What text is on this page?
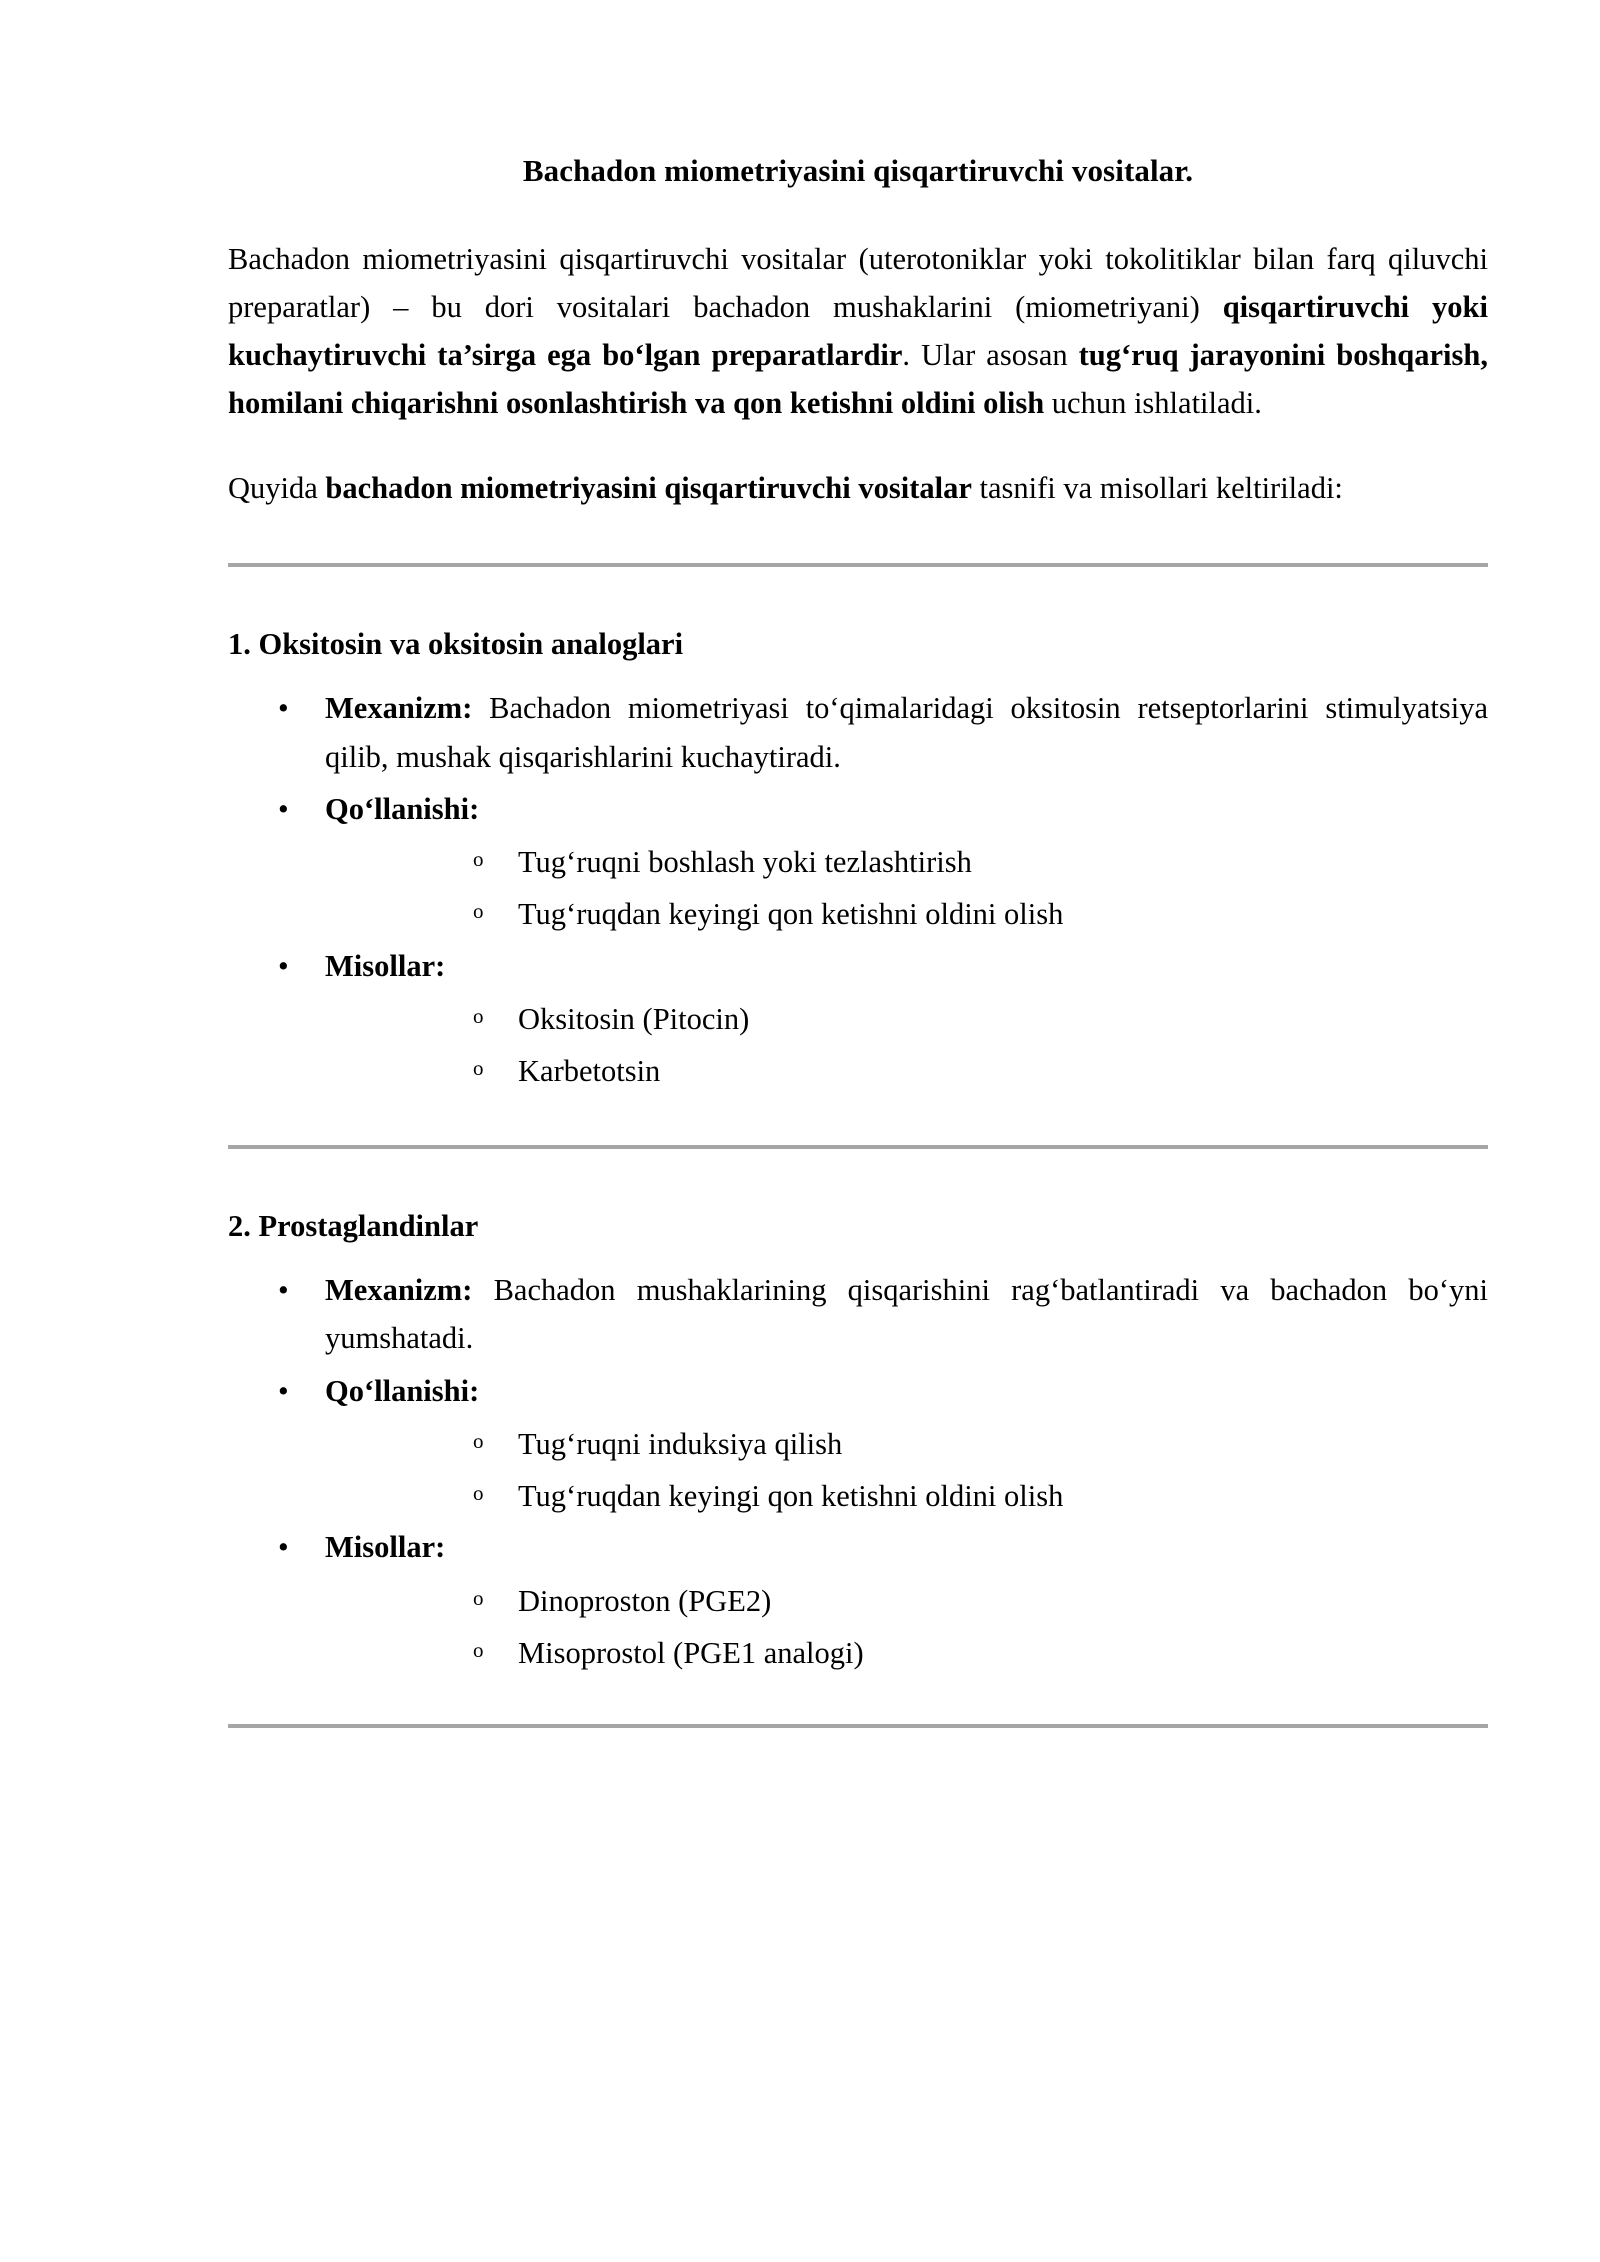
Bachadon miometriyasini qisqartiruvchi vositalar.

Bachadon miometriyasini qisqartiruvchi vositalar (uterotoniklar yoki tokolitiklar bilan farq qiluvchi preparatlar) – bu dori vositalari bachadon mushaklarini (miometriyani) qisqartiruvchi yoki kuchaytiruvchi ta’sirga ega bo‘lgan preparatlardir. Ular asosan tug‘ruq jarayonini boshqarish, homilani chiqarishni osonlashtirish va qon ketishni oldini olish uchun ishlatiladi.

Quyida bachadon miometriyasini qisqartiruvchi vositalar tasnifi va misollari keltiriladi:

1. Oksitosin va oksitosin analoglari
• Mexanizm: Bachadon miometriyasi to‘qimalaridagi oksitosin retseptorlarini stimulyatsiya qilib, mushak qisqarishlarini kuchaytiradi.
• Qo‘llanishi:
o Tug‘ruqni boshlash yoki tezlashtirish
o Tug‘ruqdan keyingi qon ketishni oldini olish
• Misollar:
o Oksitosin (Pitocin)
o Karbetotsin
2. Prostaglandinlar
• Mexanizm: Bachadon mushaklarining qisqarishini rag‘batlantiradi va bachadon bo‘yni yumshatadi.
• Qo‘llanishi:
o Tug‘ruqni induksiya qilish
o Tug‘ruqdan keyingi qon ketishni oldini olish
• Misollar:
o Dinoproston (PGE2)
o Misoprostol (PGE1 analogi)
